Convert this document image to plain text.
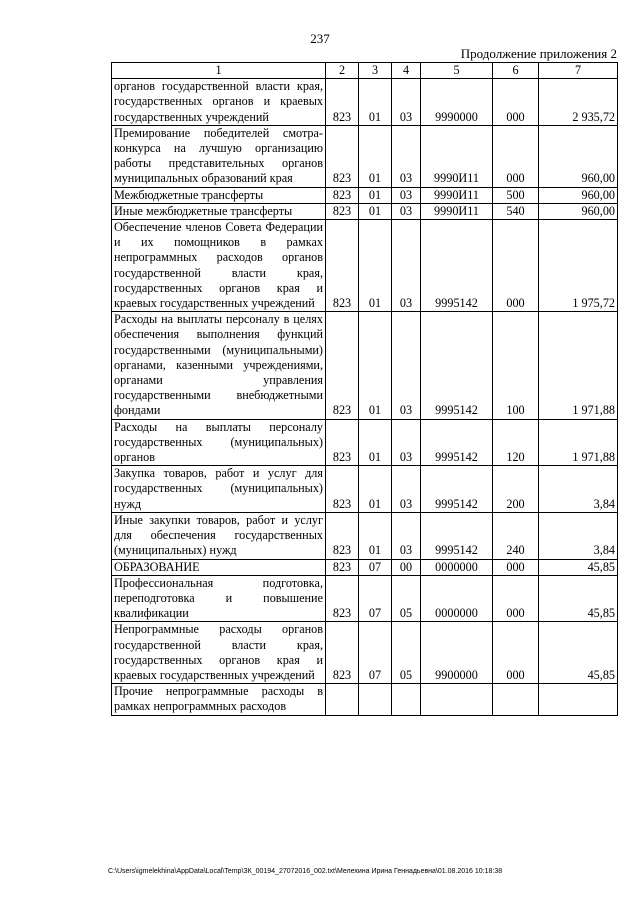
237
Продолжение приложения 2
1	2	3	4	5	6	7
органов государственной власти края, государственных органов и краевых государственных учреждений	823	01	03	9990000	000	2 935,72
Премирование победителей смотра-конкурса на лучшую организацию работы представительных органов муниципальных образований края	823	01	03	9990И11	000	960,00
Межбюджетные трансферты	823	01	03	9990И11	500	960,00
Иные межбюджетные трансферты	823	01	03	9990И11	540	960,00
Обеспечение членов Совета Федерации и их помощников в рамках непрограммных расходов органов государственной власти края, государственных органов края и краевых государственных учреждений	823	01	03	9995142	000	1 975,72
Расходы на выплаты персоналу в целях обеспечения выполнения функций государственными (муниципальными) органами, казенными учреждениями, органами управления государственными внебюджетными фондами	823	01	03	9995142	100	1 971,88
Расходы на выплаты персоналу государственных (муниципальных) органов	823	01	03	9995142	120	1 971,88
Закупка товаров, работ и услуг для государственных (муниципальных) нужд	823	01	03	9995142	200	3,84
Иные закупки товаров, работ и услуг для обеспечения государственных (муниципальных) нужд	823	01	03	9995142	240	3,84
ОБРАЗОВАНИЕ	823	07	00	0000000	000	45,85
Профессиональная подготовка, переподготовка и повышение квалификации	823	07	05	0000000	000	45,85
Непрограммные расходы органов государственной власти края, государственных органов края и краевых государственных учреждений	823	07	05	9900000	000	45,85
Прочие непрограммные расходы в рамках непрограммных расходов						
C:\Users\igmelekhina\AppData\Local\Temp\ЗК_00194_27072016_002.txt\Мелехина Ирина Геннадьевна\01.08.2016 10:18:38
